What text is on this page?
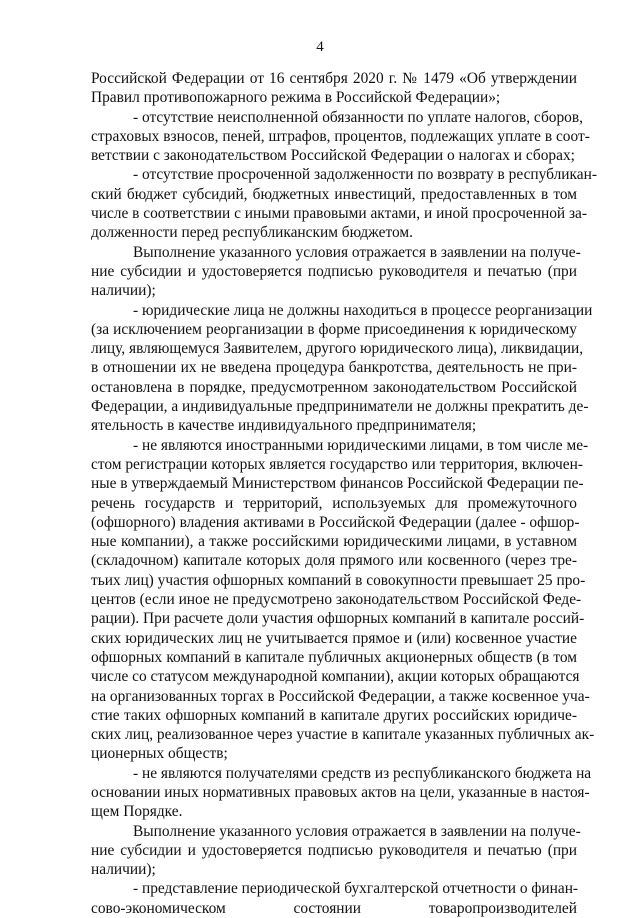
4
Российской Федерации от 16 сентября 2020 г. № 1479 «Об утверждении
Правил противопожарного режима в Российской Федерации»;
- отсутствие неисполненной обязанности по уплате налогов, сборов,
страховых взносов, пеней, штрафов, процентов, подлежащих уплате в соот-
ветствии с законодательством Российской Федерации о налогах и сборах;
- отсутствие просроченной задолженности по возврату в республикан-
ский бюджет субсидий, бюджетных инвестиций, предоставленных в том
числе в соответствии с иными правовыми актами, и иной просроченной за-
долженности перед республиканским бюджетом.
Выполнение указанного условия отражается в заявлении на получе-
ние субсидии и удостоверяется подписью руководителя и печатью (при
наличии);
- юридические лица не должны находиться в процессе реорганизации
(за исключением реорганизации в форме присоединения к юридическому
лицу, являющемуся Заявителем, другого юридического лица), ликвидации,
в отношении их не введена процедура банкротства, деятельность не при-
остановлена в порядке, предусмотренном законодательством Российской
Федерации, а индивидуальные предприниматели не должны прекратить де-
ятельность в качестве индивидуального предпринимателя;
- не являются иностранными юридическими лицами, в том числе ме-
стом регистрации которых является государство или территория, включен-
ные в утверждаемый Министерством финансов Российской Федерации пе-
речень государств и территорий, используемых для промежуточного
(офшорного) владения активами в Российской Федерации (далее - офшор-
ные компании), а также российскими юридическими лицами, в уставном
(складочном) капитале которых доля прямого или косвенного (через тре-
тьих лиц) участия офшорных компаний в совокупности превышает 25 про-
центов (если иное не предусмотрено законодательством Российской Феде-
рации). При расчете доли участия офшорных компаний в капитале россий-
ских юридических лиц не учитывается прямое и (или) косвенное участие
офшорных компаний в капитале публичных акционерных обществ (в том
числе со статусом международной компании), акции которых обращаются
на организованных торгах в Российской Федерации, а также косвенное уча-
стие таких офшорных компаний в капитале других российских юридиче-
ских лиц, реализованное через участие в капитале указанных публичных ак-
ционерных обществ;
- не являются получателями средств из республиканского бюджета на
основании иных нормативных правовых актов на цели, указанные в настоя-
щем Порядке.
Выполнение указанного условия отражается в заявлении на получе-
ние субсидии и удостоверяется подписью руководителя и печатью (при
наличии);
- представление периодической бухгалтерской отчетности о финан-
сово-экономическом состоянии товаропроизводителей
